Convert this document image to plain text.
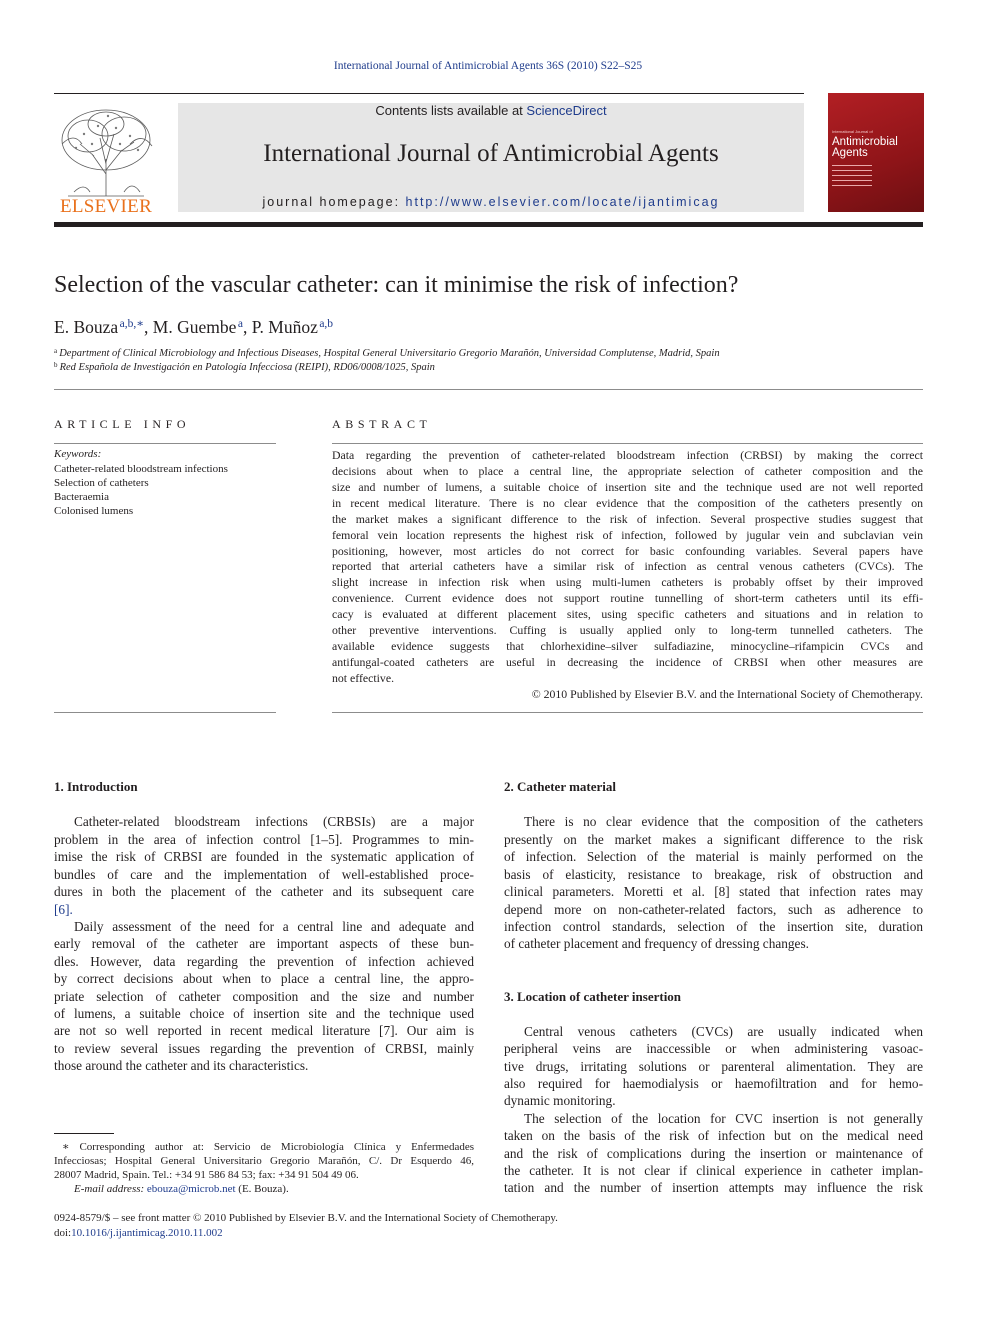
International Journal of Antimicrobial Agents 36S (2010) S22–S25
ELSEVIER
Contents lists available at ScienceDirect
International Journal of Antimicrobial Agents
journal homepage: http://www.elsevier.com/locate/ijantimicag
International Journal of
Antimicrobial
Agents
Selection of the vascular catheter: can it minimise the risk of infection?
E. Bouza $^{a,b,∗}$, M. Guembe $^a$, P. Muñoz $^{a,b}$
$^a$  Department of Clinical Microbiology and Infectious Diseases, Hospital General Universitario Gregorio Marañón, Universidad Complutense, Madrid, Spain
$^b$  Red Española de Investigación en Patología Infecciosa (REIPI), RD06/0008/1025, Spain
ARTICLE INFO
Keywords:
Catheter-related bloodstream infections
Selection of catheters
Bacteraemia
Colonised lumens
ABSTRACT
Data regarding the prevention of catheter-related bloodstream infection (CRBSI) by making the correct
decisions about when to place a central line, the appropriate selection of catheter composition and the
size and number of lumens, a suitable choice of insertion site and the technique used are not well reported
in recent medical literature. There is no clear evidence that the composition of the catheters presently on
the market makes a significant difference to the risk of infection. Several prospective studies suggest that
femoral vein location represents the highest risk of infection, followed by jugular vein and subclavian vein
positioning, however, most articles do not correct for basic confounding variables. Several papers have
reported that arterial catheters have a similar risk of infection as central venous catheters (CVCs). The
slight increase in infection risk when using multi-lumen catheters is probably offset by their improved
convenience. Current evidence does not support routine tunnelling of short-term catheters until its effi-
cacy is evaluated at different placement sites, using specific catheters and situations and in relation to
other preventive interventions. Cuffing is usually applied only to long-term tunnelled catheters. The
available evidence suggests that chlorhexidine–silver sulfadiazine, minocycline–rifampicin CVCs and
antifungal-coated catheters are useful in decreasing the incidence of CRBSI when other measures are
not effective.
© 2010 Published by Elsevier B.V. and the International Society of Chemotherapy.
1. Introduction
Catheter-related bloodstream infections (CRBSIs) are a major
problem in the area of infection control [1–5]. Programmes to min-
imise the risk of CRBSI are founded in the systematic application of
bundles of care and the implementation of well-established proce-
dures in both the placement of the catheter and its subsequent care
[6].
Daily assessment of the need for a central line and adequate and
early removal of the catheter are important aspects of these bun-
dles. However, data regarding the prevention of infection achieved
by correct decisions about when to place a central line, the appro-
priate selection of catheter composition and the size and number
of lumens, a suitable choice of insertion site and the technique used
are not so well reported in recent medical literature [7]. Our aim is
to review several issues regarding the prevention of CRBSI, mainly
those around the catheter and its characteristics.
∗ Corresponding author at: Servicio de Microbiología Clínica y Enfermedades
Infecciosas; Hospital General Universitario Gregorio Marañón, C/. Dr Esquerdo 46,
28007 Madrid, Spain. Tel.: +34 91 586 84 53; fax: +34 91 504 49 06.
E-mail address: ebouza@microb.net (E. Bouza).
2. Catheter material
There is no clear evidence that the composition of the catheters
presently on the market makes a significant difference to the risk
of infection. Selection of the material is mainly performed on the
basis of elasticity, resistance to breakage, risk of obstruction and
clinical parameters. Moretti et al. [8] stated that infection rates may
depend more on non-catheter-related factors, such as adherence to
infection control standards, selection of the insertion site, duration
of catheter placement and frequency of dressing changes.
3. Location of catheter insertion
Central venous catheters (CVCs) are usually indicated when
peripheral veins are inaccessible or when administering vasoac-
tive drugs, irritating solutions or parenteral alimentation. They are
also required for haemodialysis or haemofiltration and for hemo-
dynamic monitoring.
The selection of the location for CVC insertion is not generally
taken on the basis of the risk of infection but on the medical need
and the risk of complications during the insertion or maintenance of
the catheter. It is not clear if clinical experience in catheter implan-
tation and the number of insertion attempts may influence the risk
0924-8579/$ – see front matter © 2010 Published by Elsevier B.V. and the International Society of Chemotherapy.
doi:10.1016/j.ijantimicag.2010.11.002
